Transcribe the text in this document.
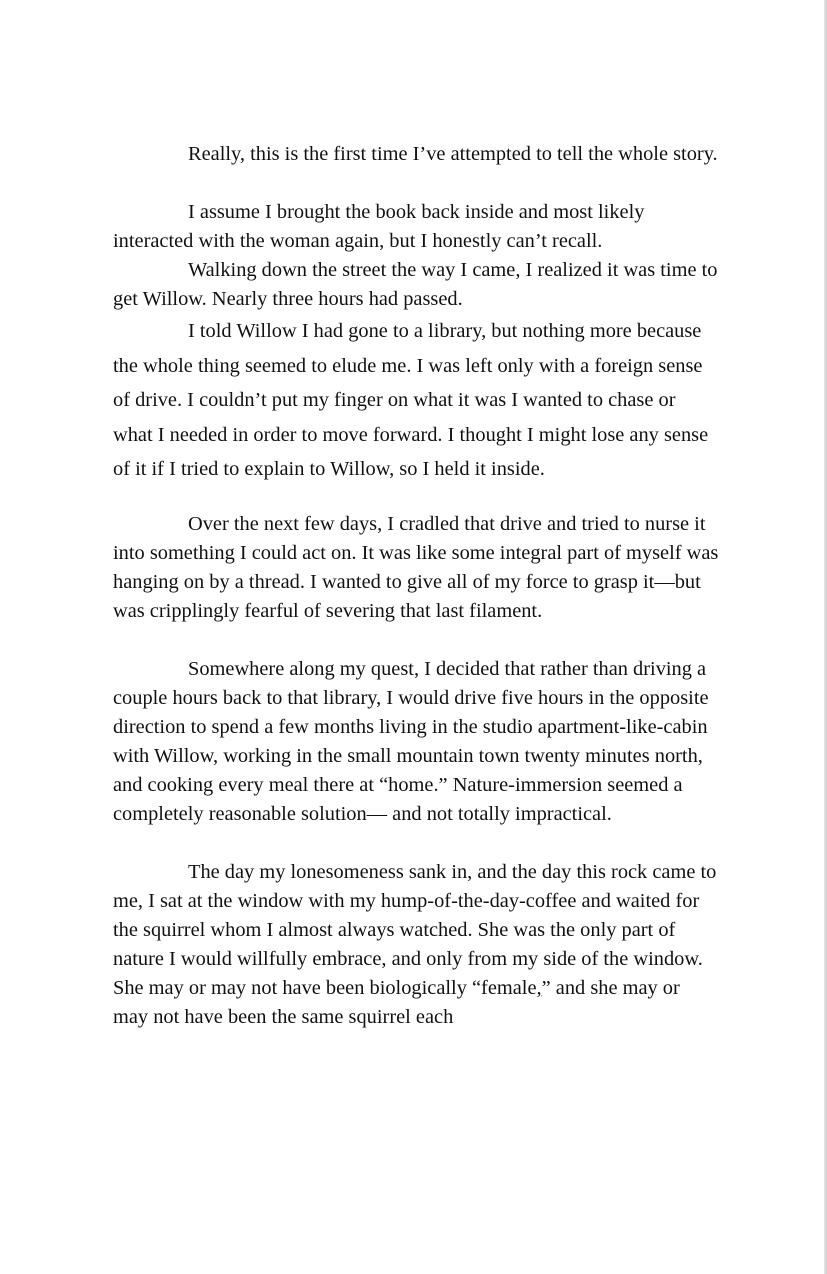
Really, this is the first time I’ve attempted to tell the whole story.

I assume I brought the book back inside and most likely interacted with the woman again, but I honestly can’t recall.

Walking down the street the way I came, I realized it was time to get Willow. Nearly three hours had passed.

I told Willow I had gone to a library, but nothing more because the whole thing seemed to elude me. I was left only with a foreign sense of drive. I couldn’t put my finger on what it was I wanted to chase or what I needed in order to move forward. I thought I might lose any sense of it if I tried to explain to Willow, so I held it inside.

Over the next few days, I cradled that drive and tried to nurse it into something I could act on. It was like some integral part of myself was hanging on by a thread. I wanted to give all of my force to grasp it—but was cripplingly fearful of severing that last filament.

Somewhere along my quest, I decided that rather than driving a couple hours back to that library, I would drive five hours in the opposite direction to spend a few months living in the studio apartment-like-cabin with Willow, working in the small mountain town twenty minutes north, and cooking every meal there at “home.” Nature-immersion seemed a completely reasonable solution— and not totally impractical.

The day my lonesomeness sank in, and the day this rock came to me, I sat at the window with my hump-of-the-day-coffee and waited for the squirrel whom I almost always watched. She was the only part of nature I would willfully embrace, and only from my side of the window. She may or may not have been biologically “female,” and she may or may not have been the same squirrel each
